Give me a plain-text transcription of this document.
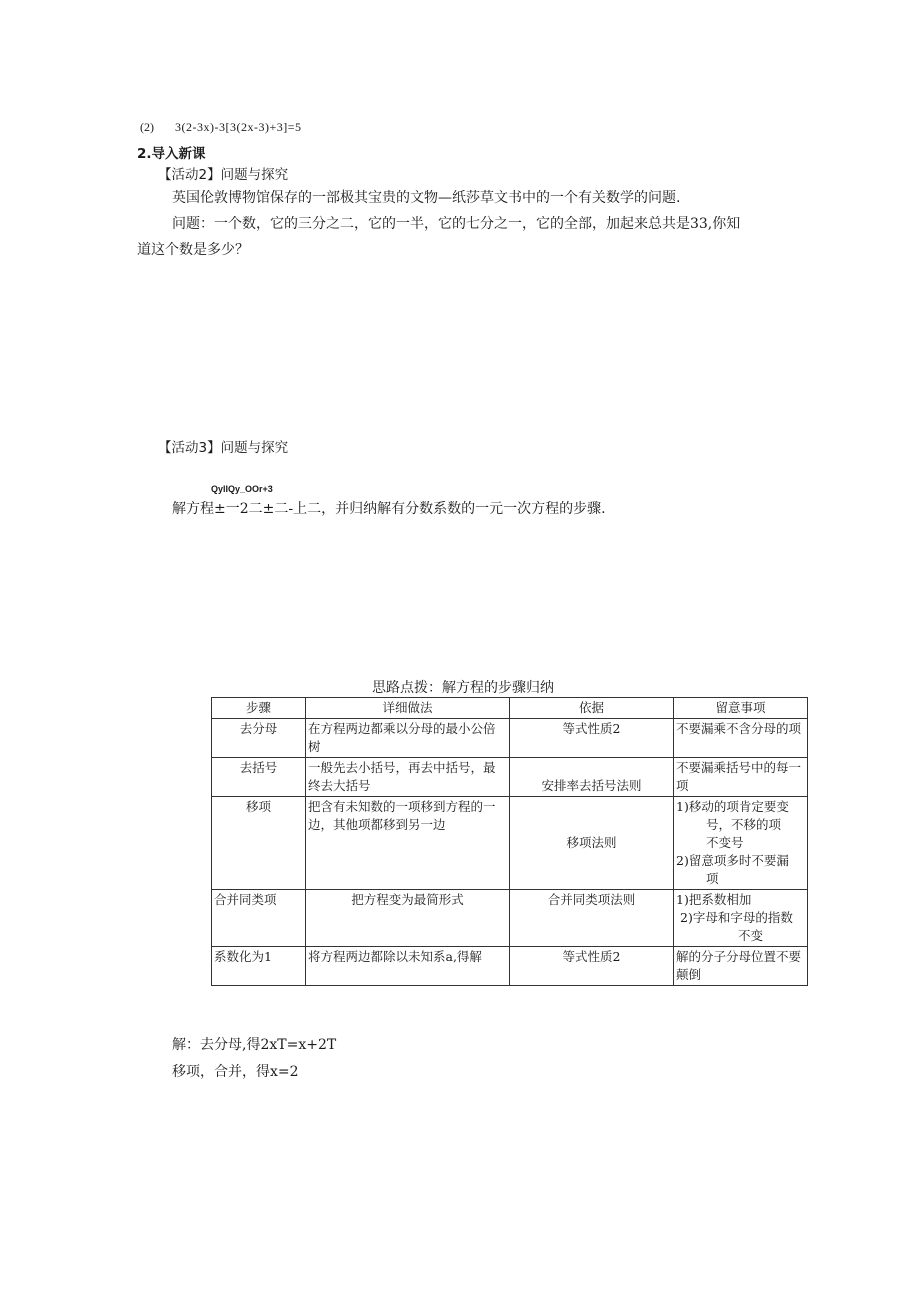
(2) 3(2-3x)-3[3(2x-3)+3]=5
2.导入新课
【活动2】问题与探究
英国伦敦博物馆保存的一部极其宝贵的文物—纸莎草文书中的一个有关数学的问题.
问题：一个数，它的三分之二，它的一半，它的七分之一，它的全部，加起来总共是33,你知
道这个数是多少？
【活动3】问题与探究
QylIQy_OOr+3
解方程±一2二±二-上二，并归纳解有分数系数的一元一次方程的步骤.
思路点拨：解方程的步骤归纳
步骤	详细做法	依据	留意事项
去分母	在方程两边都乘以分母的最小公倍树	等式性质2	不要漏乘不含分母的项
去括号	一般先去小括号，再去中括号，最终去大括号	安排率去括号法则	不要漏乘括号中的每一项
移项	把含有未知数的一项移到方程的一边，其他项都移到另一边	移项法则	1)移动的项肯定要变
号，不移的项
不变号
2)留意项多时不要漏
项

合并同类项	把方程变为最简形式	合并同类项法则	1)把系数相加
2)字母和字母的指数
不变

系数化为1	将方程两边都除以未知系a,得解	等式性质2	解的分子分母位置不要颠倒
解：去分母,得2xT=x+2T
移项，合并，得x=2
